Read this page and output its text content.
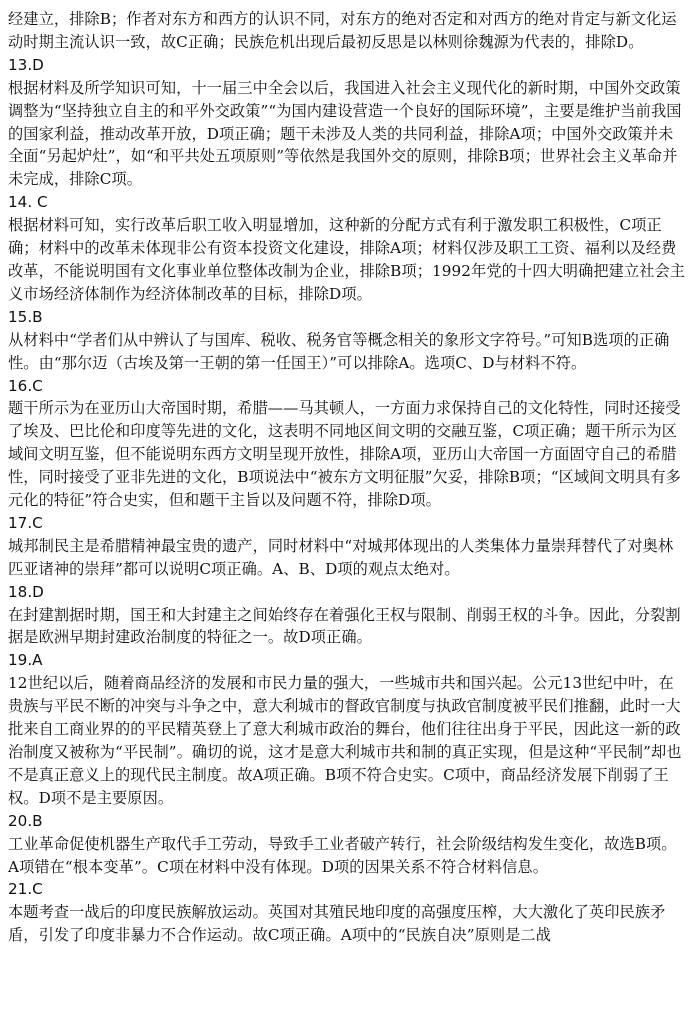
经建立，排除B；作者对东方和西方的认识不同，对东方的绝对否定和对西方的绝对肯定与新文化运动时期主流认识一致，故C正确；民族危机出现后最初反思是以林则徐魏源为代表的，排除D。

13.D

根据材料及所学知识可知，十一届三中全会以后，我国进入社会主义现代化的新时期，中国外交政策调整为“坚持独立自主的和平外交政策”“为国内建设营造一个良好的国际环境”，主要是维护当前我国的国家利益，推动改革开放，D项正确；题干未涉及人类的共同利益，排除A项；中国外交政策并未全面“另起炉灶”，如“和平共处五项原则”等依然是我国外交的原则，排除B项；世界社会主义革命并未完成，排除C项。

14. C

根据材料可知，实行改革后职工收入明显增加，这种新的分配方式有利于激发职工积极性，C项正确；材料中的改革未体现非公有资本投资文化建设，排除A项；材料仅涉及职工工资、福利以及经费改革，不能说明国有文化事业单位整体改制为企业，排除B项；1992年党的十四大明确把建立社会主义市场经济体制作为经济体制改革的目标，排除D项。

15.B

从材料中“学者们从中辨认了与国库、税收、税务官等概念相关的象形文字符号。”可知B选项的正确性。由“那尔迈（古埃及第一王朝的第一任国王）”可以排除A。选项C、D与材料不符。

16.C

题干所示为在亚历山大帝国时期，希腊——马其顿人，一方面力求保持自己的文化特性，同时还接受了埃及、巴比伦和印度等先进的文化，这表明不同地区间文明的交融互鉴，C项正确；题干所示为区域间文明互鉴，但不能说明东西方文明呈现开放性，排除A项，亚历山大帝国一方面固守自己的希腊性，同时接受了亚非先进的文化，B项说法中“被东方文明征服”欠妥，排除B项；“区域间文明具有多元化的特征”符合史实，但和题干主旨以及问题不符，排除D项。

17.C

城邦制民主是希腊精神最宝贵的遗产，同时材料中“对城邦体现出的人类集体力量崇拜替代了对奥林匹亚诸神的崇拜”都可以说明C项正确。A、B、D项的观点太绝对。

18.D

在封建割据时期，国王和大封建主之间始终存在着强化王权与限制、削弱王权的斗争。因此，分裂割据是欧洲早期封建政治制度的特征之一。故D项正确。

19.A

12世纪以后，随着商品经济的发展和市民力量的强大，一些城市共和国兴起。公元13世纪中叶，在贵族与平民不断的冲突与斗争之中，意大利城市的督政官制度与执政官制度被平民们推翻，此时一大批来自工商业界的的平民精英登上了意大利城市政治的舞台，他们往往出身于平民，因此这一新的政治制度又被称为“平民制”。确切的说，这才是意大利城市共和制的真正实现，但是这种“平民制”却也不是真正意义上的现代民主制度。故A项正确。B项不符合史实。C项中，商品经济发展下削弱了王权。D项不是主要原因。

20.B

工业革命促使机器生产取代手工劳动，导致手工业者破产转行，社会阶级结构发生变化，故选B项。A项错在“根本变革”。C项在材料中没有体现。D项的因果关系不符合材料信息。

21.C

本题考查一战后的印度民族解放运动。英国对其殖民地印度的高强度压榨，大大激化了英印民族矛盾，引发了印度非暴力不合作运动。故C项正确。A项中的“民族自决”原则是二战
